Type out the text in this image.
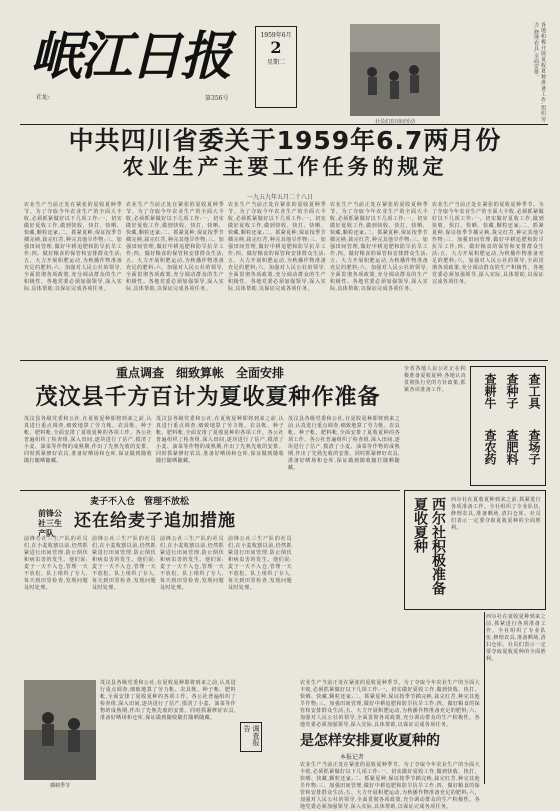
岷江日报
社址:
1959年6月
2
星期二
第356号
社员们在田间劳动	各地积极开展夏收夏种准备工作,组织劳力,修理农具,全面安排。
中共四川省委关于1959年6.7两月份
农业生产主要工作任务的规定
一九五九年五月二十八日
农业生产当前正处在紧张的夏收夏种季节。为了夺取今年农业生产的全面大丰收,必须抓紧做好以下几项工作:一、切实做好夏收工作,做到快收、快打、快晒、快藏,颗粒还家;二、抓紧夏种,保证按季节插完秧,栽完红苕,种完其他旱作物;三、加强田间管理,做好中耕追肥和防旱抗旱工作;四、做好粮食的保管和安排群众生活;五、大力开展积肥运动,为秋播作物准备充足的肥料;六、加强对人民公社的领导,全面贯彻各项政策,充分调动群众的生产积极性。各地党委必须加强领导,深入实际,具体帮助,以保证完成各项任务。
农业生产当前正处在紧张的夏收夏种季节。为了夺取今年农业生产的全面大丰收,必须抓紧做好以下几项工作:一、切实做好夏收工作,做到快收、快打、快晒、快藏,颗粒还家;二、抓紧夏种,保证按季节插完秧,栽完红苕,种完其他旱作物;三、加强田间管理,做好中耕追肥和防旱抗旱工作;四、做好粮食的保管和安排群众生活;五、大力开展积肥运动,为秋播作物准备充足的肥料;六、加强对人民公社的领导,全面贯彻各项政策,充分调动群众的生产积极性。各地党委必须加强领导,深入实际,具体帮助,以保证完成各项任务。
农业生产当前正处在紧张的夏收夏种季节。为了夺取今年农业生产的全面大丰收,必须抓紧做好以下几项工作:一、切实做好夏收工作,做到快收、快打、快晒、快藏,颗粒还家;二、抓紧夏种,保证按季节插完秧,栽完红苕,种完其他旱作物;三、加强田间管理,做好中耕追肥和防旱抗旱工作;四、做好粮食的保管和安排群众生活;五、大力开展积肥运动,为秋播作物准备充足的肥料;六、加强对人民公社的领导,全面贯彻各项政策,充分调动群众的生产积极性。各地党委必须加强领导,深入实际,具体帮助,以保证完成各项任务。
农业生产当前正处在紧张的夏收夏种季节。为了夺取今年农业生产的全面大丰收,必须抓紧做好以下几项工作:一、切实做好夏收工作,做到快收、快打、快晒、快藏,颗粒还家;二、抓紧夏种,保证按季节插完秧,栽完红苕,种完其他旱作物;三、加强田间管理,做好中耕追肥和防旱抗旱工作;四、做好粮食的保管和安排群众生活;五、大力开展积肥运动,为秋播作物准备充足的肥料;六、加强对人民公社的领导,全面贯彻各项政策,充分调动群众的生产积极性。各地党委必须加强领导,深入实际,具体帮助,以保证完成各项任务。
农业生产当前正处在紧张的夏收夏种季节。为了夺取今年农业生产的全面大丰收,必须抓紧做好以下几项工作:一、切实做好夏收工作,做到快收、快打、快晒、快藏,颗粒还家;二、抓紧夏种,保证按季节插完秧,栽完红苕,种完其他旱作物;三、加强田间管理,做好中耕追肥和防旱抗旱工作;四、做好粮食的保管和安排群众生活;五、大力开展积肥运动,为秋播作物准备充足的肥料;六、加强对人民公社的领导,全面贯彻各项政策,充分调动群众的生产积极性。各地党委必须加强领导,深入实际,具体帮助,以保证完成各项任务。
重点调查　细致算帐　全面安排
茂汶县千方百计为夏收夏种作准备
茂汶县各级党委和公社,在夏收夏种即将到来之前,认真进行重点调查,细致地算了劳力帐、农具帐、种子帐、肥料帐,全面安排了夏收夏种的各项工作。各公社普遍组织了检查组,深入田间,逐块进行了估产,摸清了小麦、油菜等作物的成熟期,作出了先熟先收的安排。同时抓紧修好农具,准备好晒场和仓库,保证做到随收随打随晒随藏。
茂汶县各级党委和公社,在夏收夏种即将到来之前,认真进行重点调查,细致地算了劳力帐、农具帐、种子帐、肥料帐,全面安排了夏收夏种的各项工作。各公社普遍组织了检查组,深入田间,逐块进行了估产,摸清了小麦、油菜等作物的成熟期,作出了先熟先收的安排。同时抓紧修好农具,准备好晒场和仓库,保证做到随收随打随晒随藏。
茂汶县各级党委和公社,在夏收夏种即将到来之前,认真进行重点调查,细致地算了劳力帐、农具帐、种子帐、肥料帐,全面安排了夏收夏种的各项工作。各公社普遍组织了检查组,深入田间,逐块进行了估产,摸清了小麦、油菜等作物的成熟期,作出了先熟先收的安排。同时抓紧修好农具,准备好晒场和仓库,保证做到随收随打随晒随藏。
查工具
查场子
查种子
查肥料
查耕牛
查农药
全省各地人民公社正在积极准备夏收夏种,各地认真贯彻执行党的方针政策,抓紧各项准备工作。
麦子不入仓　管理不放松
前锋公社三生产队
还在给麦子追加措施
前锋公社三生产队的社员们,在小麦收割以前,仍然抓紧进行田间管理,防止倒伏和病虫害的发生。他们说:麦子一天不入仓,管理一天不放松。队上组织了专人,每天到田里检查,发现问题及时处理。
前锋公社三生产队的社员们,在小麦收割以前,仍然抓紧进行田间管理,防止倒伏和病虫害的发生。他们说:麦子一天不入仓,管理一天不放松。队上组织了专人,每天到田里检查,发现问题及时处理。
前锋公社三生产队的社员们,在小麦收割以前,仍然抓紧进行田间管理,防止倒伏和病虫害的发生。他们说:麦子一天不入仓,管理一天不放松。队上组织了专人,每天到田里检查,发现问题及时处理。
前锋公社三生产队的社员们,在小麦收割以前,仍然抓紧进行田间管理,防止倒伏和病虫害的发生。他们说:麦子一天不入仓,管理一天不放松。队上组织了专人,每天到田里检查,发现问题及时处理。	西尔社积极准备夏收夏种	西尔社在夏收夏种到来之前,抓紧进行各项准备工作。全社组织了专业队伍,修理农具,准备晒场,清扫仓库。社员们表示一定要夺取夏收夏种的全面胜利。
插秧季节
调查报告
是怎样安排夏收夏种的
本报记者
茂汶县各级党委和公社,在夏收夏种即将到来之前,认真进行重点调查,细致地算了劳力帐、农具帐、种子帐、肥料帐,全面安排了夏收夏种的各项工作。各公社普遍组织了检查组,深入田间,逐块进行了估产,摸清了小麦、油菜等作物的成熟期,作出了先熟先收的安排。同时抓紧修好农具,准备好晒场和仓库,保证做到随收随打随晒随藏。
农业生产当前正处在紧张的夏收夏种季节。为了夺取今年农业生产的全面大丰收,必须抓紧做好以下几项工作:一、切实做好夏收工作,做到快收、快打、快晒、快藏,颗粒还家;二、抓紧夏种,保证按季节插完秧,栽完红苕,种完其他旱作物;三、加强田间管理,做好中耕追肥和防旱抗旱工作;四、做好粮食的保管和安排群众生活;五、大力开展积肥运动,为秋播作物准备充足的肥料;六、加强对人民公社的领导,全面贯彻各项政策,充分调动群众的生产积极性。各地党委必须加强领导,深入实际,具体帮助,以保证完成各项任务。
农业生产当前正处在紧张的夏收夏种季节。为了夺取今年农业生产的全面大丰收,必须抓紧做好以下几项工作:一、切实做好夏收工作,做到快收、快打、快晒、快藏,颗粒还家;二、抓紧夏种,保证按季节插完秧,栽完红苕,种完其他旱作物;三、加强田间管理,做好中耕追肥和防旱抗旱工作;四、做好粮食的保管和安排群众生活;五、大力开展积肥运动,为秋播作物准备充足的肥料;六、加强对人民公社的领导,全面贯彻各项政策,充分调动群众的生产积极性。各地党委必须加强领导,深入实际,具体帮助,以保证完成各项任务。
西尔社在夏收夏种到来之前,抓紧进行各项准备工作。全社组织了专业队伍,修理农具,准备晒场,清扫仓库。社员们表示一定要夺取夏收夏种的全面胜利。
